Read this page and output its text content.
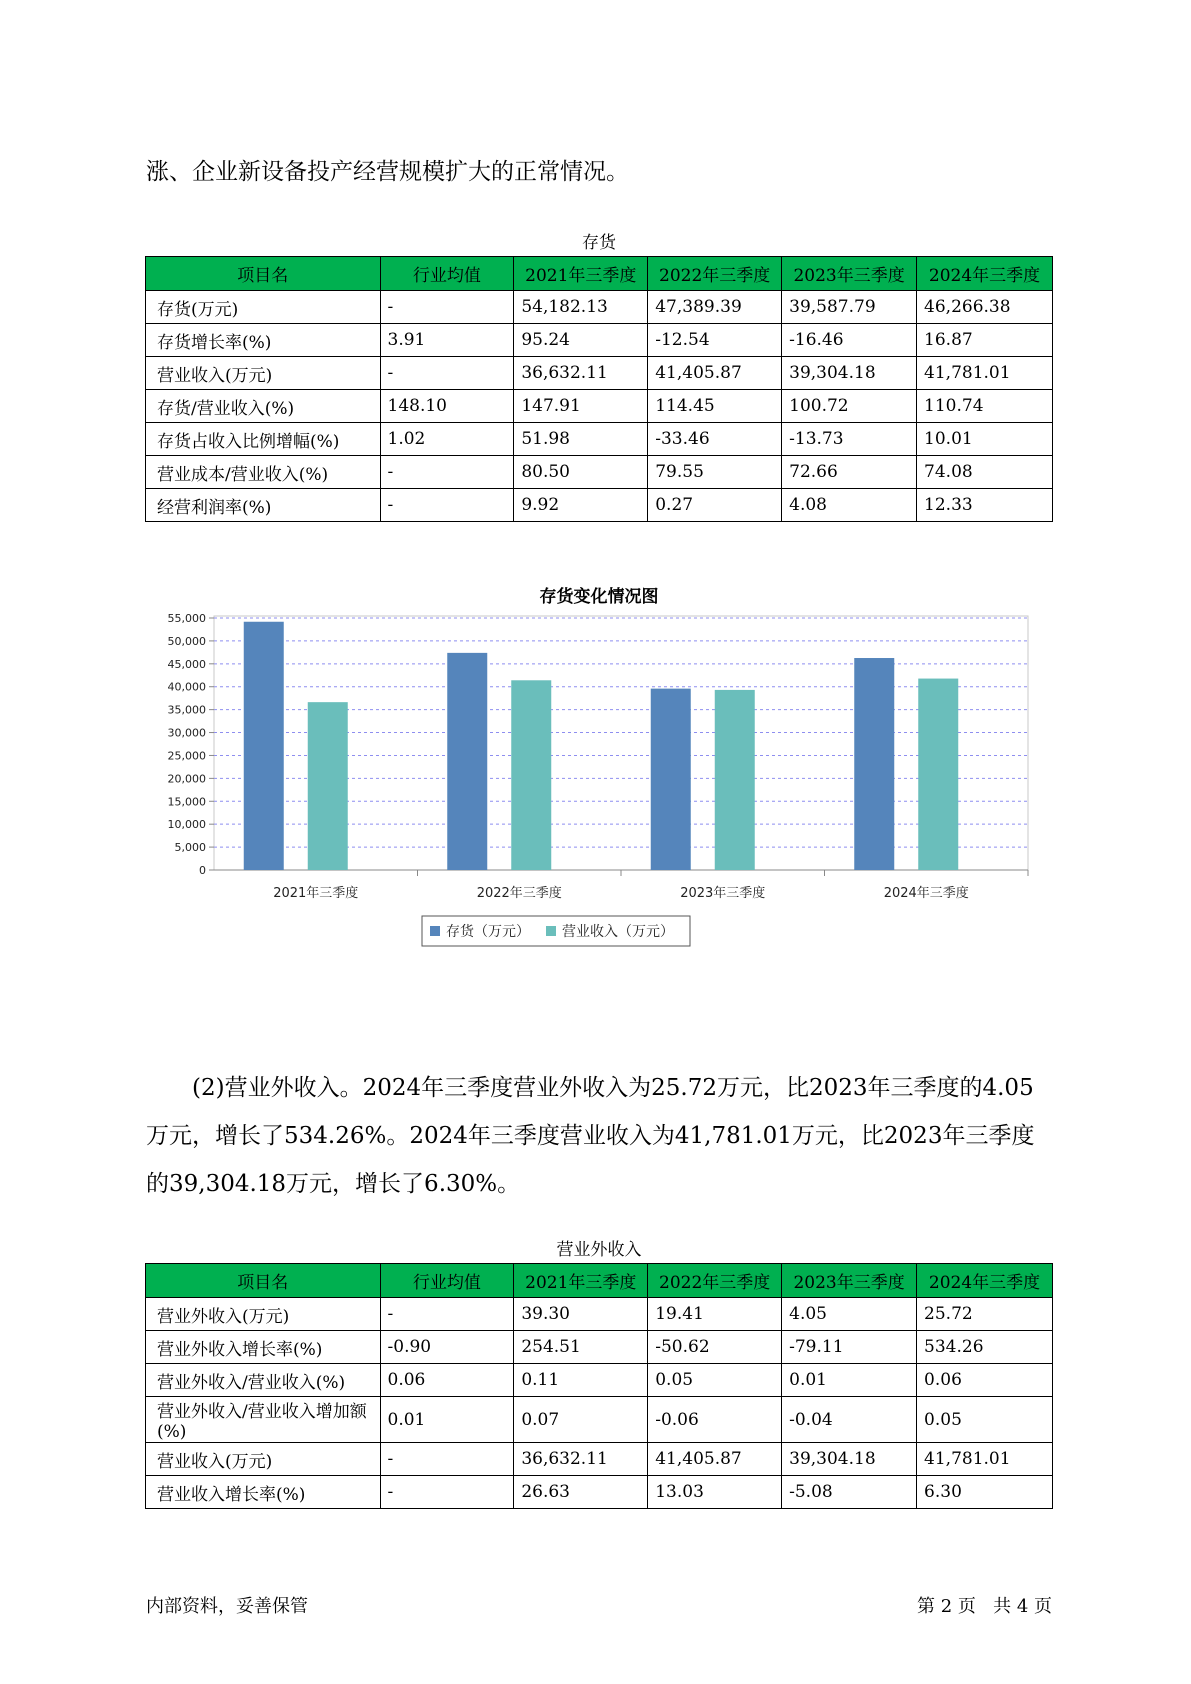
涨、企业新设备投产经营规模扩大的正常情况。

存货
项目名	行业均值	2021年三季度	2022年三季度	2023年三季度	2024年三季度
存货(万元)	-	54,182.13	47,389.39	39,587.79	46,266.38
存货增长率(%)	3.91	95.24	-12.54	-16.46	16.87
营业收入(万元)	-	36,632.11	41,405.87	39,304.18	41,781.01
存货/营业收入(%)	148.10	147.91	114.45	100.72	110.74
存货占收入比例增幅(%)	1.02	51.98	-33.46	-13.73	10.01
营业成本/营业收入(%)	-	80.50	79.55	72.66	74.08
经营利润率(%)	-	9.92	0.27	4.08	12.33
存货变化情况图
0
5,000
10,000
15,000
20,000
25,000
30,000
35,000
40,000
45,000
50,000
55,000
2021年三季度	2022年三季度	2023年三季度	2024年三季度
存货（万元） 营业收入（万元）

(2)营业外收入。2024年三季度营业外收入为25.72万元，比2023年三季度的4.05万元，增长了534.26%。2024年三季度营业收入为41,781.01万元，比2023年三季度的39,304.18万元，增长了6.30%。

营业外收入
项目名	行业均值	2021年三季度	2022年三季度	2023年三季度	2024年三季度
营业外收入(万元)	-	39.30	19.41	4.05	25.72
营业外收入增长率(%)	-0.90	254.51	-50.62	-79.11	534.26
营业外收入/营业收入(%)	0.06	0.11	0.05	0.01	0.06
营业外收入/营业收入增加额(%)	0.01	0.07	-0.06	-0.04	0.05
营业收入(万元)	-	36,632.11	41,405.87	39,304.18	41,781.01
营业收入增长率(%)	-	26.63	13.03	-5.08	6.30
内部资料，妥善保管	第 2 页   共 4 页
